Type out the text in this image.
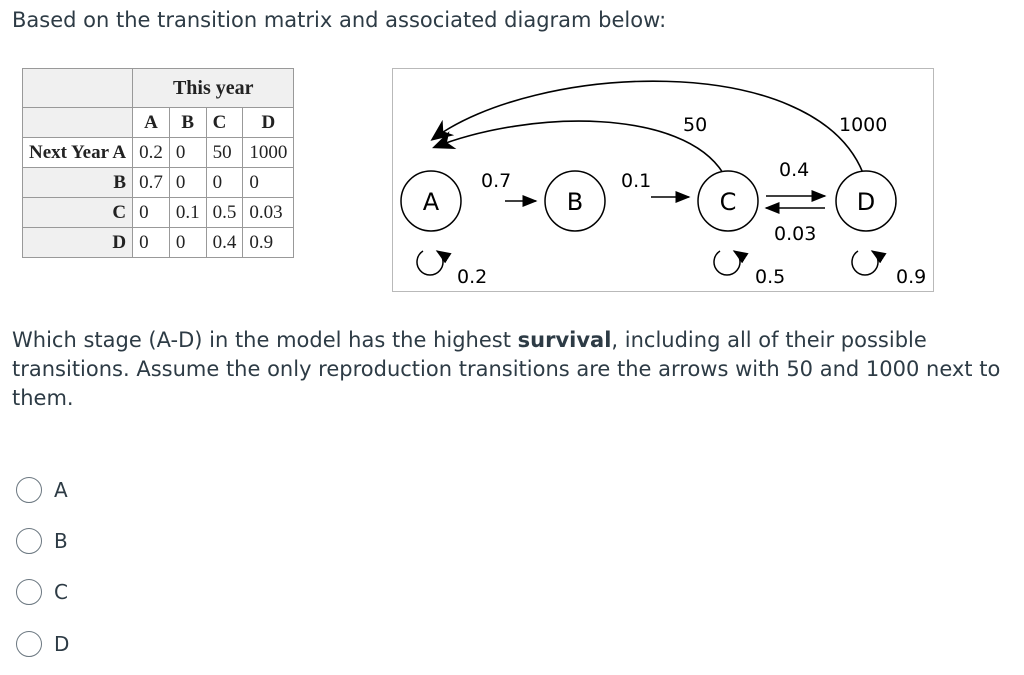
Based on the transition matrix and associated diagram below:
	This year			
	A	B	C	D
Next Year A	0.2	0	50	1000
B	0.7	0	0	0
C	0	0.1	0.5	0.03
D	0	0	0.4	0.9
A	B	C	D
0.7	0.1	0.4
0.03
50	1000
0.2	0.5	0.9
Which stage (A-D) in the model has the highest survival, including all of their possible transitions. Assume the only reproduction transitions are the arrows with 50 and 1000 next to them.
A
B
C
D
